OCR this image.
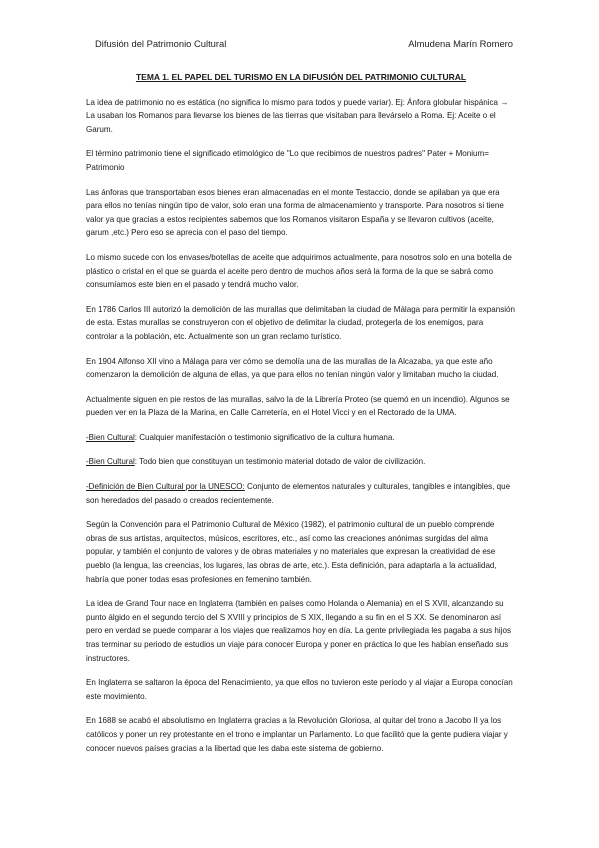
Difusión del Patrimonio Cultural	Almudena Marín Romero
TEMA 1. EL PAPEL DEL TURISMO EN LA DIFUSIÓN DEL PATRIMONIO CULTURAL

La idea de patrimonio no es estática (no significa lo mismo para todos y puede variar). Ej: Ánfora globular hispánica → La usaban los Romanos para llevarse los bienes de las tierras que visitaban para llevárselo a Roma. Ej: Aceite o el Garum.

El término patrimonio tiene el significado etimológico de "Lo que recibimos de nuestros padres" Pater + Monium= Patrimonio

Las ánforas que transportaban esos bienes eran almacenadas en el monte Testaccio, donde se apilaban ya que era para ellos no tenías ningún tipo de valor, solo eran una forma de almacenamiento y transporte. Para nosotros si tiene valor ya que gracias a estos recipientes sabemos que los Romanos visitaron España y se llevaron cultivos (aceite, garum ,etc.) Pero eso se aprecia con el paso del tiempo.

Lo mismo sucede con los envases/botellas de aceite que adquirimos actualmente, para nosotros solo en una botella de plástico o cristal en el que se guarda el aceite pero dentro de muchos años será la forma de la que se sabrá como consumíamos este bien en el pasado y tendrá mucho valor.

En 1786 Carlos III autorizó la demolición de las murallas que delimitaban la ciudad de Málaga para permitir la expansión de esta. Estas murallas se construyeron con el objetivo de delimitar la ciudad, protegerla de los enemigos, para controlar a la población, etc. Actualmente son un gran reclamo turístico.

En 1904 Alfonso XII vino a Málaga para ver cómo se demolía una de las murallas de la Alcazaba, ya que este año comenzaron la demolición de alguna de ellas, ya que para ellos no tenían ningún valor y limitaban mucho la ciudad.

Actualmente siguen en pie restos de las murallas, salvo la de la Librería Proteo (se quemó en un incendio). Algunos se pueden ver en la Plaza de la Marina, en Calle Carretería, en el Hotel Vicci y en el Rectorado de la UMA.

-Bien Cultural: Cualquier manifestación o testimonio significativo de la cultura humana.

-Bien Cultural: Todo bien que constituyan un testimonio material dotado de valor de civilización.

-Definición de Bien Cultural por la UNESCO: Conjunto de elementos naturales y culturales, tangibles e intangibles, que son heredados del pasado o creados recientemente.

Según la Convención para el Patrimonio Cultural de México (1982), el patrimonio cultural de un pueblo comprende obras de sus artistas, arquitectos, músicos, escritores, etc., así como las creaciones anónimas surgidas del alma popular, y también el conjunto de valores y de obras materiales y no materiales que expresan la creatividad de ese pueblo (la lengua, las creencias, los lugares, las obras de arte, etc.). Esta definición, para adaptarla a la actualidad, habría que poner todas esas profesiones en femenino también.

La idea de Grand Tour nace en Inglaterra (también en países como Holanda o Alemania) en el S XVII, alcanzando su punto álgido en el segundo tercio del S XVIII y principios de S XIX, llegando a su fin en el S XX. Se denominaron así pero en verdad se puede comparar a los viajes que realizamos hoy en día. La gente privilegiada les pagaba a sus hijos tras terminar su periodo de estudios un viaje para conocer Europa y poner en práctica lo que les habían enseñado sus instructores.

En Inglaterra se saltaron la época del Renacimiento, ya que ellos no tuvieron este periodo y al viajar a Europa conocían este movimiento.

En 1688 se acabó el absolutismo en Inglaterra gracias a la Revolución Gloriosa, al quitar del trono a Jacobo II ya los católicos y poner un rey protestante en el trono e implantar un Parlamento. Lo que facilitó que la gente pudiera viajar y conocer nuevos países gracias a la libertad que les daba este sistema de gobierno.
